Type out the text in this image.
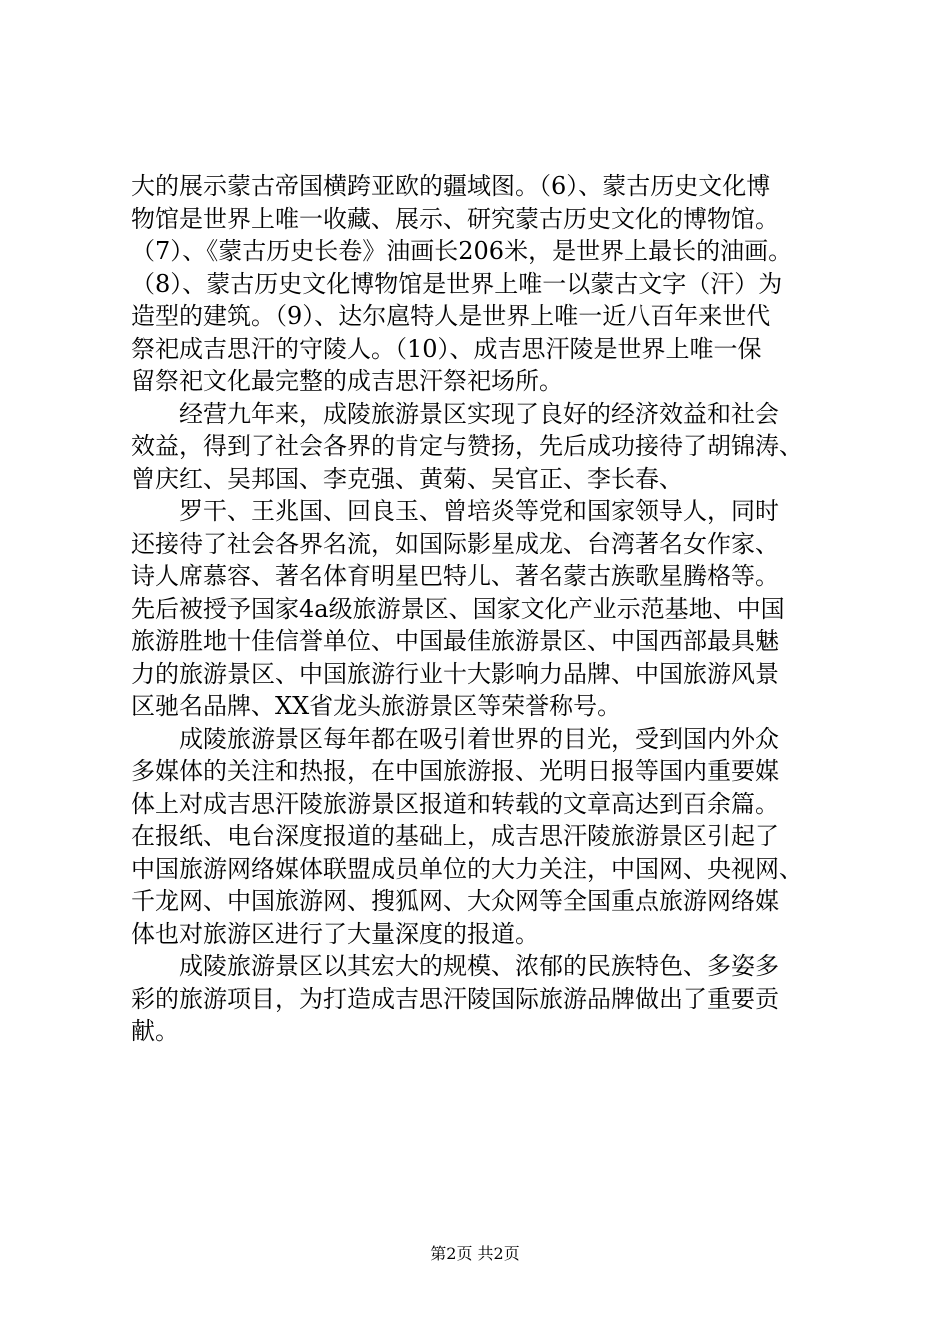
大的展示蒙古帝国横跨亚欧的疆域图。（6）、蒙古历史文化博
物馆是世界上唯一收藏、展示、研究蒙古历史文化的博物馆。
（7）、《蒙古历史长卷》油画长206米，是世界上最长的油画。
（8）、蒙古历史文化博物馆是世界上唯一以蒙古文字（汗）为
造型的建筑。（9）、达尔扈特人是世界上唯一近八百年来世代
祭祀成吉思汗的守陵人。（10）、成吉思汗陵是世界上唯一保
留祭祀文化最完整的成吉思汗祭祀场所。
经营九年来，成陵旅游景区实现了良好的经济效益和社会
效益，得到了社会各界的肯定与赞扬，先后成功接待了胡锦涛、
曾庆红、吴邦国、李克强、黄菊、吴官正、李长春、
罗干、王兆国、回良玉、曾培炎等党和国家领导人，同时
还接待了社会各界名流，如国际影星成龙、台湾著名女作家、
诗人席慕容、著名体育明星巴特儿、著名蒙古族歌星腾格等。
先后被授予国家4a级旅游景区、国家文化产业示范基地、中国
旅游胜地十佳信誉单位、中国最佳旅游景区、中国西部最具魅
力的旅游景区、中国旅游行业十大影响力品牌、中国旅游风景
区驰名品牌、XX省龙头旅游景区等荣誉称号。
成陵旅游景区每年都在吸引着世界的目光，受到国内外众
多媒体的关注和热报，在中国旅游报、光明日报等国内重要媒
体上对成吉思汗陵旅游景区报道和转载的文章高达到百余篇。
在报纸、电台深度报道的基础上，成吉思汗陵旅游景区引起了
中国旅游网络媒体联盟成员单位的大力关注，中国网、央视网、
千龙网、中国旅游网、搜狐网、大众网等全国重点旅游网络媒
体也对旅游区进行了大量深度的报道。
成陵旅游景区以其宏大的规模、浓郁的民族特色、多姿多
彩的旅游项目，为打造成吉思汗陵国际旅游品牌做出了重要贡
献。
第2页 共2页
